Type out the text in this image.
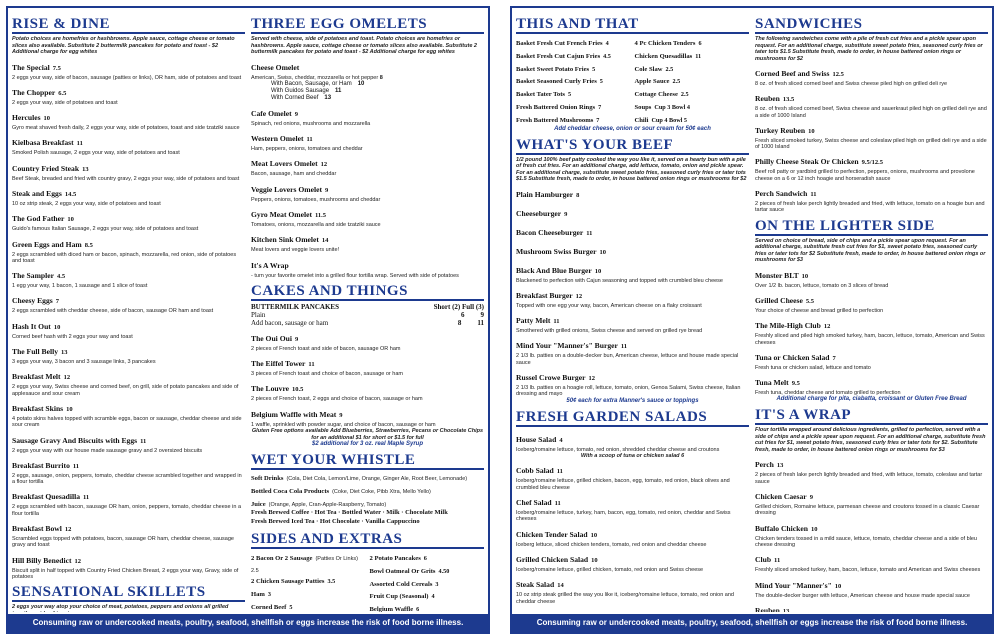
RISE & DINE
Potato choices are homefries or hashbrowns. Apple sauce, cottage cheese or tomato slices also available. Substitute 2 buttermilk pancakes for potato and toast - $2 Additional charge for egg whites
The Special 7.5
2 eggs your way, side of bacon, sausage (patties or links), OR ham, side of potatoes and toast
The Chopper 6.5
2 eggs your way, side of potatoes and toast
Hercules 10
Gyro meat shaved fresh daily, 2 eggs your way, side of potatoes, toast and side tzatziki sauce
Kielbasa Breakfast 11
Smoked Polish sausage, 2 eggs your way, side of potatoes and toast
Country Fried Steak 13
Beef Steak, breaded and fried with country gravy, 2 eggs your way, side of potatoes and toast
Steak and Eggs 14.5
10 oz strip steak, 2 eggs your way, side of potatoes and toast
The God Father 10
Guido's famous Italian Sausage, 2 eggs your way, side of potatoes and toast
Green Eggs and Ham 8.5
2 eggs scrambled with diced ham or bacon, spinach, mozzarella, red onion, side of potatoes and toast
The Sampler 4.5
1 egg your way, 1 bacon, 1 sausage and 1 slice of toast
Cheesy Eggs 7
2 eggs scrambled with cheddar cheese, side of bacon, sausage OR ham and toast
Hash It Out 10
Corned beef hash with 2 eggs your way and toast
The Full Belly 13
3 eggs your way, 3 bacon and 3 sausage links, 3 pancakes
Breakfast Melt 12
2 eggs your way, Swiss cheese and corned beef, on grill, side of potato pancakes and side of applesauce and sour cream
Breakfast Skins 10
4 potato skins halves topped with scramble eggs, bacon or sausage, cheddar cheese and side sour cream
Sausage Gravy And Biscuits with Eggs 11
2 eggs your way with our house made sausage gravy and 2 oversized biscuits
Breakfast Burrito 11
2 eggs, sausage, onion, peppers, tomato, cheddar cheese scrambled together and wrapped in a flour tortilla
Breakfast Quesadilla 11
2 eggs scrambled with bacon, sausage OR ham, onion, peppers, tomato, cheddar cheese in a flour tortilla
Breakfast Bowl 12
Scrambled eggs topped with potatoes, bacon, sausage OR ham, cheddar cheese, sausage gravy and toast
Hill Billy Benedict 12
Biscuit split in half topped with Country Fried Chicken Breast, 2 eggs your way, Gravy, side of potatoes
SENSATIONAL SKILLETS
2 eggs your way atop your choice of meat, potatoes, peppers and onions all grilled
THREE EGG OMELETS
Served with cheese, side of potatoes and toast. Potato choices are homefries or hashbrowns. Apple sauce, cottage cheese or tomato slices also available. Substitute 2 buttermilk pancakes for potato and toast - $2 Additional charge for egg whites
Cheese Omelet
American, Swiss, cheddar, mozzarella or hot pepper 8
With Bacon, Sausage, or Ham 10
With Guidos Sausage 11
With Corned Beef 13
Cafe Omelet 9
Spinach, red onions, mushrooms and mozzarella
Western Omelet 11
Ham, peppers, onions, tomatoes and cheddar
Meat Lovers Omelet 12
Bacon, sausage, ham and cheddar
Veggie Lovers Omelet 9
Peppers, onions, tomatoes, mushrooms and cheddar
Gyro Meat Omelet 11.5
Tomatoes, onions, mozzarella and side tzatziki sauce
Kitchen Sink Omelet 14
Meat lovers and veggie lovers unite!
It's A Wrap
- turn your favorite omelet into a grilled flour tortilla wrap. Served with side of potatoes
CAKES AND THINGS
BUTTERMILK PANCAKES	Short (2) Full (3)
Plain	6 9
Add bacon, sausage or ham	8 11
The Oui Oui 9
2 pieces of French toast and side of bacon, sausage OR ham
The Eiffel Tower 11
3 pieces of French toast and choice of bacon, sausage or ham
The Louvre 10.5
2 pieces of French toast, 2 eggs and choice of bacon, sausage or ham
Belgium Waffle with Meat 9
1 waffle, sprinkled with powder sugar, and choice of bacon, sausage or ham
Gluten Free options available Add Blueberries, Strawberries, Pecans or Chocolate Chips for an additional $1 for short or $1.5 for full
$2 additional for 3 oz. real Maple Syrup
WET YOUR WHISTLE
Soft Drinks (Cola, Diet Cola, Lemon/Lime, Orange, Ginger Ale, Root Beer, Lemonade)
Bottled Coca Cola Products (Coke, Diet Coke, Pibb Xtra, Mello Yello)
Juice (Orange, Apple, Cran-Apple-Raspberry, Tomato)
Fresh Brewed Coffee · Hot Tea · Bottled Water · Milk · Chocolate Milk
Fresh Brewed Iced Tea · Hot Chocolate · Vanilla Cappuccino
SIDES AND EXTRAS
2 Bacon Or 2 Sausage (Patties Or Links) 2.5
2 Chicken Sausage Patties 3.5
Ham 3
Corned Beef 5
2 Potato Pancakes 6
Bowl Oatmeal Or Grits 4.50
Assorted Cold Cereals 3
Fruit Cup (Seasonal) 4
Belgium Waffle 6
Consuming raw or undercooked meats, poultry, seafood, shellfish or eggs increase the risk of food borne illness.
THIS AND THAT
Basket Fresh Cut French Fries 4
Basket Fresh Cut Cajun Fries 4.5
Basket Sweet Potato Fries 5
Basket Seasoned Curly Fries 5
Basket Tater Tots 5
Fresh Battered Onion Rings 7
Fresh Battered Mushrooms 7
4 Pc Chicken Tenders 6
Chicken Quesadillas 11
Cole Slaw 2.5
Apple Sauce 2.5
Cottage Cheese 2.5
Soups Cup 3 Bowl 4
Chili Cup 4 Bowl 5
Add cheddar cheese, onion or sour cream for 50¢ each
WHAT'S YOUR BEEF
1/2 pound 100% beef patty cooked the way you like it, served on a hearty bun with a pile of fresh cut fries. For an additional charge, add lettuce, tomato, onion and pickle spear. For an additional charge, substitute sweet potato fries, seasoned curly fries or tater tots $1.5 Substitute fresh, made to order, in house battered onion rings or mushrooms for $2
Plain Hamburger 8
Cheeseburger 9
Bacon Cheeseburger 11
Mushroom Swiss Burger 10
Black And Blue Burger 10
Blackened to perfection with Cajun seasoning and topped with crumbled bleu cheese
Breakfast Burger 12
Topped with one egg your way, bacon, American cheese on a flaky croissant
Patty Melt 11
Smothered with grilled onions, Swiss cheese and served on grilled rye bread
Mind Your "Manner's" Burger 11
2 1/3 lb. patties on a double-decker bun, American cheese, lettuce and house made special sauce
Russel Crowe Burger 12
2 1/3 lb. patties on a hoagie roll, lettuce, tomato, onion, Genoa Salami, Swiss cheese, Italian dressing and mayo
50¢ each for extra Manner's sauce or toppings
FRESH GARDEN SALADS
House Salad 4
Iceberg/romaine lettuce, tomato, red onion, shredded cheddar cheese and croutons
With a scoop of tuna or chicken salad 6
Cobb Salad 11
Iceberg/romaine lettuce, grilled chicken, bacon, egg, tomato, red onion, black olives and crumbled bleu cheese
Chef Salad 11
Iceberg/romaine lettuce, turkey, ham, bacon, egg, tomato, red onion, cheddar and Swiss cheeses
Chicken Tender Salad 10
Iceberg lettuce, sliced chicken tenders, tomato, red onion and cheddar cheese
Grilled Chicken Salad 10
Iceberg/romaine lettuce, grilled chicken, tomato, red onion and Swiss cheese
Steak Salad 14
10 oz strip steak grilled the way you like it, iceberg/romaine lettuce, tomato, red onion and cheddar cheese
SANDWICHES
The following sandwiches come with a pile of fresh cut fries and a pickle spear upon request. For an additional charge, substitute sweet potato fries, seasoned curly fries or tater tots $1.5 Substitute fresh, made to order, in house battered onion rings or mushrooms for $2
Corned Beef and Swiss 12.5
8 oz. of fresh sliced corned beef and Swiss cheese piled high on grilled deli rye
Reuben 13.5
8 oz. of fresh sliced corned beef, Swiss cheese and sauerkraut piled high on grilled deli rye and a side of 1000 Island
Turkey Reuben 10
Fresh sliced smoked turkey, Swiss cheese and coleslaw piled high on grilled deli rye and a side of 1000 Island
Philly Cheese Steak Or Chicken 9.5/12.5
Beef roll patty or yardbird grilled to perfection, peppers, onions, mushrooms and provolone cheese on a 6 or 12 inch hoagie and horseradish sauce
Perch Sandwich 11
2 pieces of fresh lake perch lightly breaded and fried, with lettuce, tomato on a hoagie bun and tartar sauce
ON THE LIGHTER SIDE
Served on choice of bread, side of chips and a pickle spear upon request. For an additional charge, substitute fresh cut fries for $1, sweet potato fries, seasoned curly fries or tater tots for $2 Substitute fresh, made to order, in house battered onion rings or mushrooms for $3
Monster BLT 10
Over 1/2 lb. bacon, lettuce, tomato on 3 slices of bread
Grilled Cheese 5.5
Your choice of cheese and bread grilled to perfection
The Mile-High Club 12
Freshly sliced and piled high smoked turkey, ham, bacon, lettuce, tomato, American and Swiss cheeses
Tuna or Chicken Salad 7
Fresh tuna or chicken salad, lettuce and tomato
Tuna Melt 9.5
Fresh tuna, cheddar cheese and tomato grilled to perfection
Additional charge for pita, ciabatta, croissant or Gluten Free Bread
IT'S A WRAP
Flour tortilla wrapped around delicious ingredients, grilled to perfection, served with a side of chips and a pickle spear upon request. For an additional charge, substitute fresh cut fries for $1, sweet potato fries, seasoned curly fries or tater tots for $2. Substitute fresh, made to order, in house battered onion rings or mushrooms for $3
Perch 13
2 pieces of fresh lake perch lightly breaded and fried, with lettuce, tomato, coleslaw and tartar sauce
Chicken Caesar 9
Grilled chicken, Romaine lettuce, parmesan cheese and croutons tossed in a classic Caesar dressing
Buffalo Chicken 10
Chicken tenders tossed in a mild sauce, lettuce, tomato, cheddar cheese and a side of bleu cheese dressing
Club 11
Freshly sliced smoked turkey, ham, bacon, lettuce, tomato and American and Swiss cheeses
Mind Your "Manner's" 10
The double-decker burger with lettuce, American cheese and house made special sauce
Reuben 13
Consuming raw or undercooked meats, poultry, seafood, shellfish or eggs increase the risk of food borne illness.
